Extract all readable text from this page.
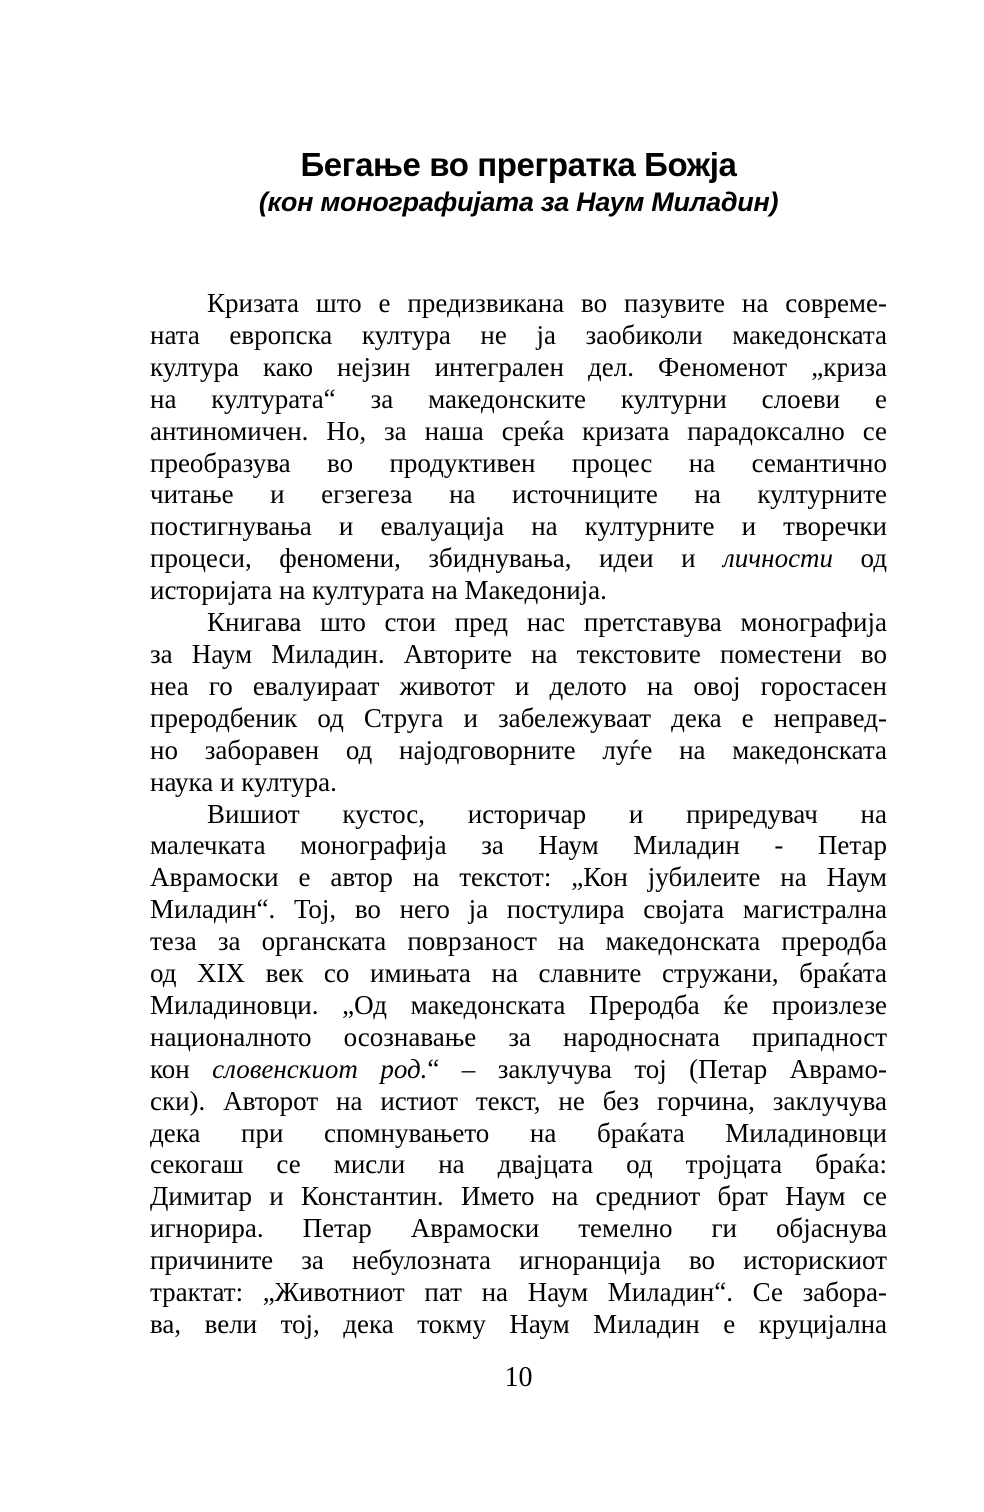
Бегање во прегратка Божја
(кон монографијата за Наум Миладин)
Кризата што е предизвикана во пазувите на совреме-
ната европска култура не ја заобиколи македонската
култура како нејзин интегрален дел. Феноменот „криза
на културата“ за македонските културни слоеви е
антиномичен. Но, за наша среќа кризата парадоксално се
преобразува во продуктивен процес на семантично
читање и егзегеза на источниците на културните
постигнувања и евалуација на културните и творечки
процеси, феномени, збиднувања, идеи и личности од
историјата на културата на Македонија.
Книгава што стои пред нас претставува монографија
за Наум Миладин. Авторите на текстовите поместени во
неа го евалуираат животот и делото на овој горостасен
преродбеник од Струга и забележуваат дека е неправед-
но заборавен од најодговорните луѓе на македонската
наука и култура.
Вишиот кустос, историчар и приредувач на
малечката монографија за Наум Миладин - Петар
Аврамоски е автор на текстот: „Кон јубилеите на Наум
Миладин“. Тој, во него ја постулира својата магистрална
теза за органската поврзаност на македонската преродба
од XIX век со имињата на славните стружани, браќата
Миладиновци. „Од македонската Преродба ќе произлезе
националното осознавање за народносната припадност
кон словенскиот род.“ – заклучува тој (Петар Аврамо-
ски). Авторот на истиот текст, не без горчина, заклучува
дека при спомнувањето на браќата Миладиновци
секогаш се мисли на двајцата од тројцата браќа:
Димитар и Константин. Името на средниот брат Наум се
игнорира. Петар Аврамоски темелно ги објаснува
причините за небулозната игноранција во историскиот
трактат: „Животниот пат на Наум Миладин“. Се забора-
ва, вели тој, дека токму Наум Миладин е круцијална
10
